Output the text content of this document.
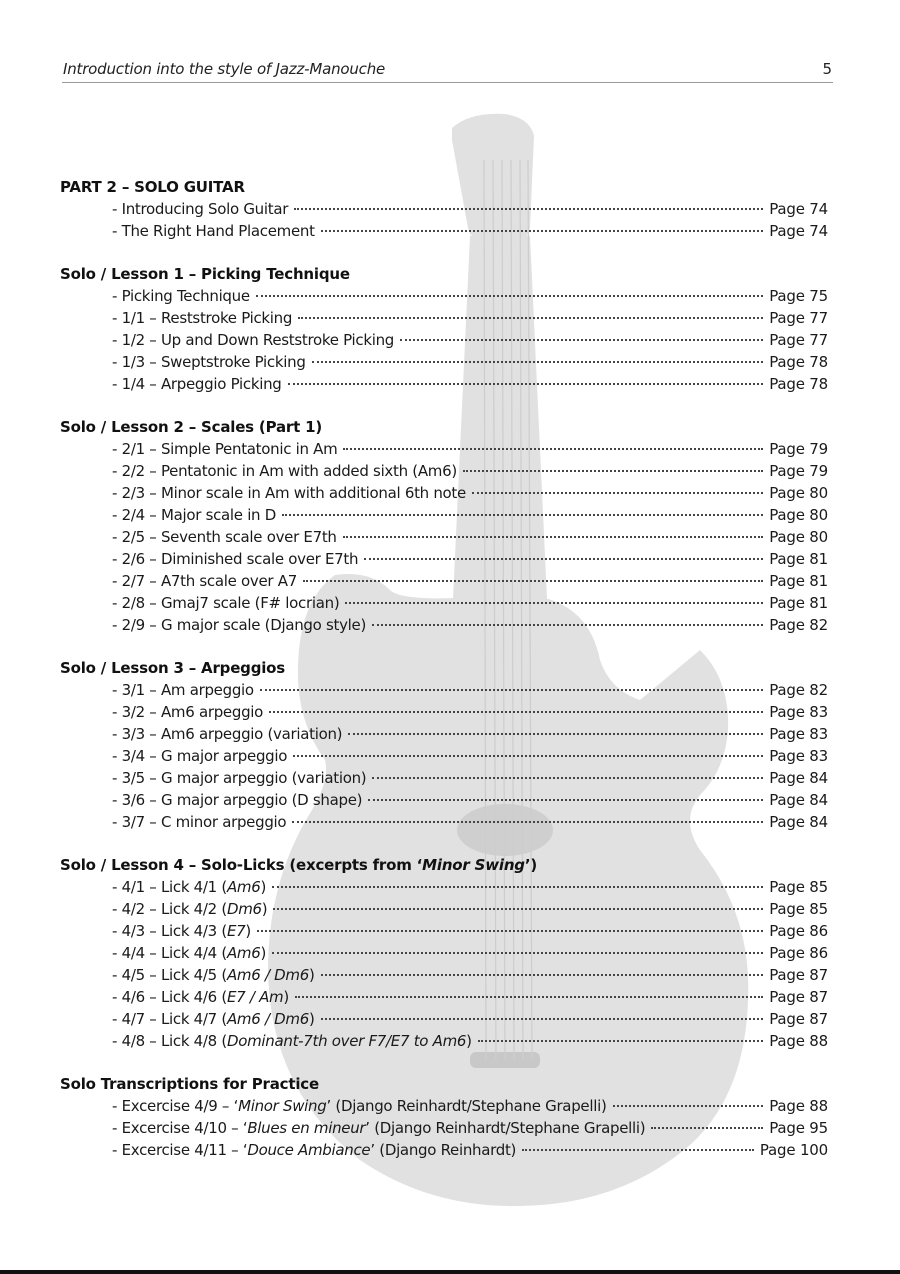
Introduction into the style of Jazz-Manouche	5
PART 2 – SOLO GUITAR
- Introducing Solo Guitar	Page 74
- The Right Hand Placement	Page 74
Solo / Lesson 1 – Picking Technique
- Picking Technique	Page 75
- 1/1 – Reststroke Picking	Page 77
- 1/2 – Up and Down Reststroke Picking	Page 77
- 1/3 – Sweptstroke Picking	Page 78
- 1/4 – Arpeggio Picking	Page 78
Solo / Lesson 2 – Scales (Part 1)
- 2/1 – Simple Pentatonic in Am	Page 79
- 2/2 – Pentatonic in Am with added sixth (Am6)	Page 79
- 2/3 – Minor scale in Am with additional 6th note	Page 80
- 2/4 – Major scale in D	Page 80
- 2/5 – Seventh scale over E7th	Page 80
- 2/6 – Diminished scale over E7th	Page 81
- 2/7 – A7th scale over A7	Page 81
- 2/8 – Gmaj7 scale (F# locrian)	Page 81
- 2/9 – G major scale (Django style)	Page 82
Solo / Lesson 3 – Arpeggios
- 3/1 – Am arpeggio	Page 82
- 3/2 – Am6 arpeggio	Page 83
- 3/3 – Am6 arpeggio (variation)	Page 83
- 3/4 – G major arpeggio	Page 83
- 3/5 – G major arpeggio (variation)	Page 84
- 3/6 – G major arpeggio (D shape)	Page 84
- 3/7 – C minor arpeggio	Page 84
Solo / Lesson 4 – Solo-Licks (excerpts from ‘Minor Swing’)
- 4/1 – Lick 4/1 (Am6)	Page 85
- 4/2 – Lick 4/2 (Dm6)	Page 85
- 4/3 – Lick 4/3 (E7)	Page 86
- 4/4 – Lick 4/4 (Am6)	Page 86
- 4/5 – Lick 4/5 (Am6 / Dm6)	Page 87
- 4/6 – Lick 4/6 (E7 / Am)	Page 87
- 4/7 – Lick 4/7 (Am6 / Dm6)	Page 87
- 4/8 – Lick 4/8 (Dominant-7th over F7/E7 to Am6)	Page 88
Solo Transcriptions for Practice
- Excercise 4/9 – ‘Minor Swing’ (Django Reinhardt/Stephane Grapelli)	Page 88
- Excercise 4/10 – ‘Blues en mineur’ (Django Reinhardt/Stephane Grapelli)	Page 95
- Excercise 4/11 – ‘Douce Ambiance’ (Django Reinhardt)	Page 100
